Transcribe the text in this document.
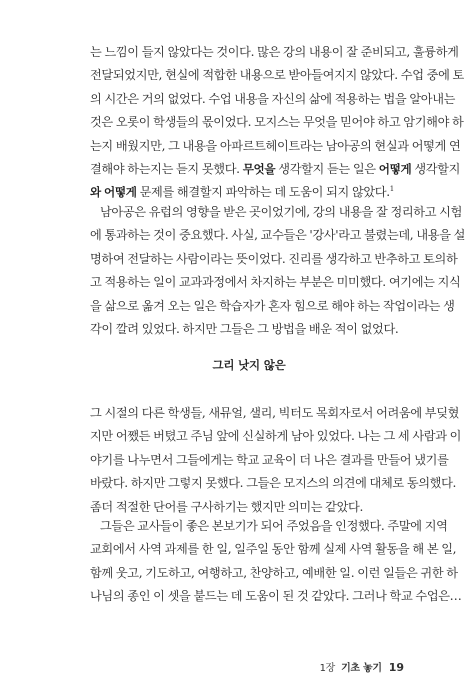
는 느낌이 들지 않았다는 것이다. 많은 강의 내용이 잘 준비되고, 훌륭하게
전달되었지만, 현실에 적합한 내용으로 받아들여지지 않았다. 수업 중에 토
의 시간은 거의 없었다. 수업 내용을 자신의 삶에 적용하는 법을 알아내는
것은 오롯이 학생들의 몫이었다. 모지스는 무엇을 믿어야 하고 암기해야 하
는지 배웠지만, 그 내용을 아파르트헤이트라는 남아공의 현실과 어떻게 연
결해야 하는지는 듣지 못했다. 무엇을 생각할지 듣는 일은 어떻게 생각할지
와 어떻게 문제를 해결할지 파악하는 데 도움이 되지 않았다.$^1$
남아공은 유럽의 영향을 받은 곳이었기에, 강의 내용을 잘 정리하고 시험
에 통과하는 것이 중요했다. 사실, 교수들은 '강사'라고 불렸는데, 내용을 설
명하여 전달하는 사람이라는 뜻이었다. 진리를 생각하고 반추하고 토의하
고 적용하는 일이 교과과정에서 차지하는 부분은 미미했다. 여기에는 지식
을 삶으로 옮겨 오는 일은 학습자가 혼자 힘으로 해야 하는 작업이라는 생
각이 깔려 있었다. 하지만 그들은 그 방법을 배운 적이 없었다.
그리 낫지 않은
그 시절의 다른 학생들, 새뮤얼, 샐리, 빅터도 목회자로서 어려움에 부딪혔
지만 어쨌든 버텼고 주님 앞에 신실하게 남아 있었다. 나는 그 세 사람과 이
야기를 나누면서 그들에게는 학교 교육이 더 나은 결과를 만들어 냈기를
바랐다. 하지만 그렇지 못했다. 그들은 모지스의 의견에 대체로 동의했다.
좀더 적절한 단어를 구사하기는 했지만 의미는 같았다.
그들은 교사들이 좋은 본보기가 되어 주었음을 인정했다. 주말에 지역
교회에서 사역 과제를 한 일, 일주일 동안 함께 실제 사역 활동을 해 본 일,
함께 웃고, 기도하고, 여행하고, 찬양하고, 예배한 일. 이런 일들은 귀한 하
나님의 종인 이 셋을 붙드는 데 도움이 된 것 같았다. 그러나 학교 수업은…
1장 기초 놓기 19
